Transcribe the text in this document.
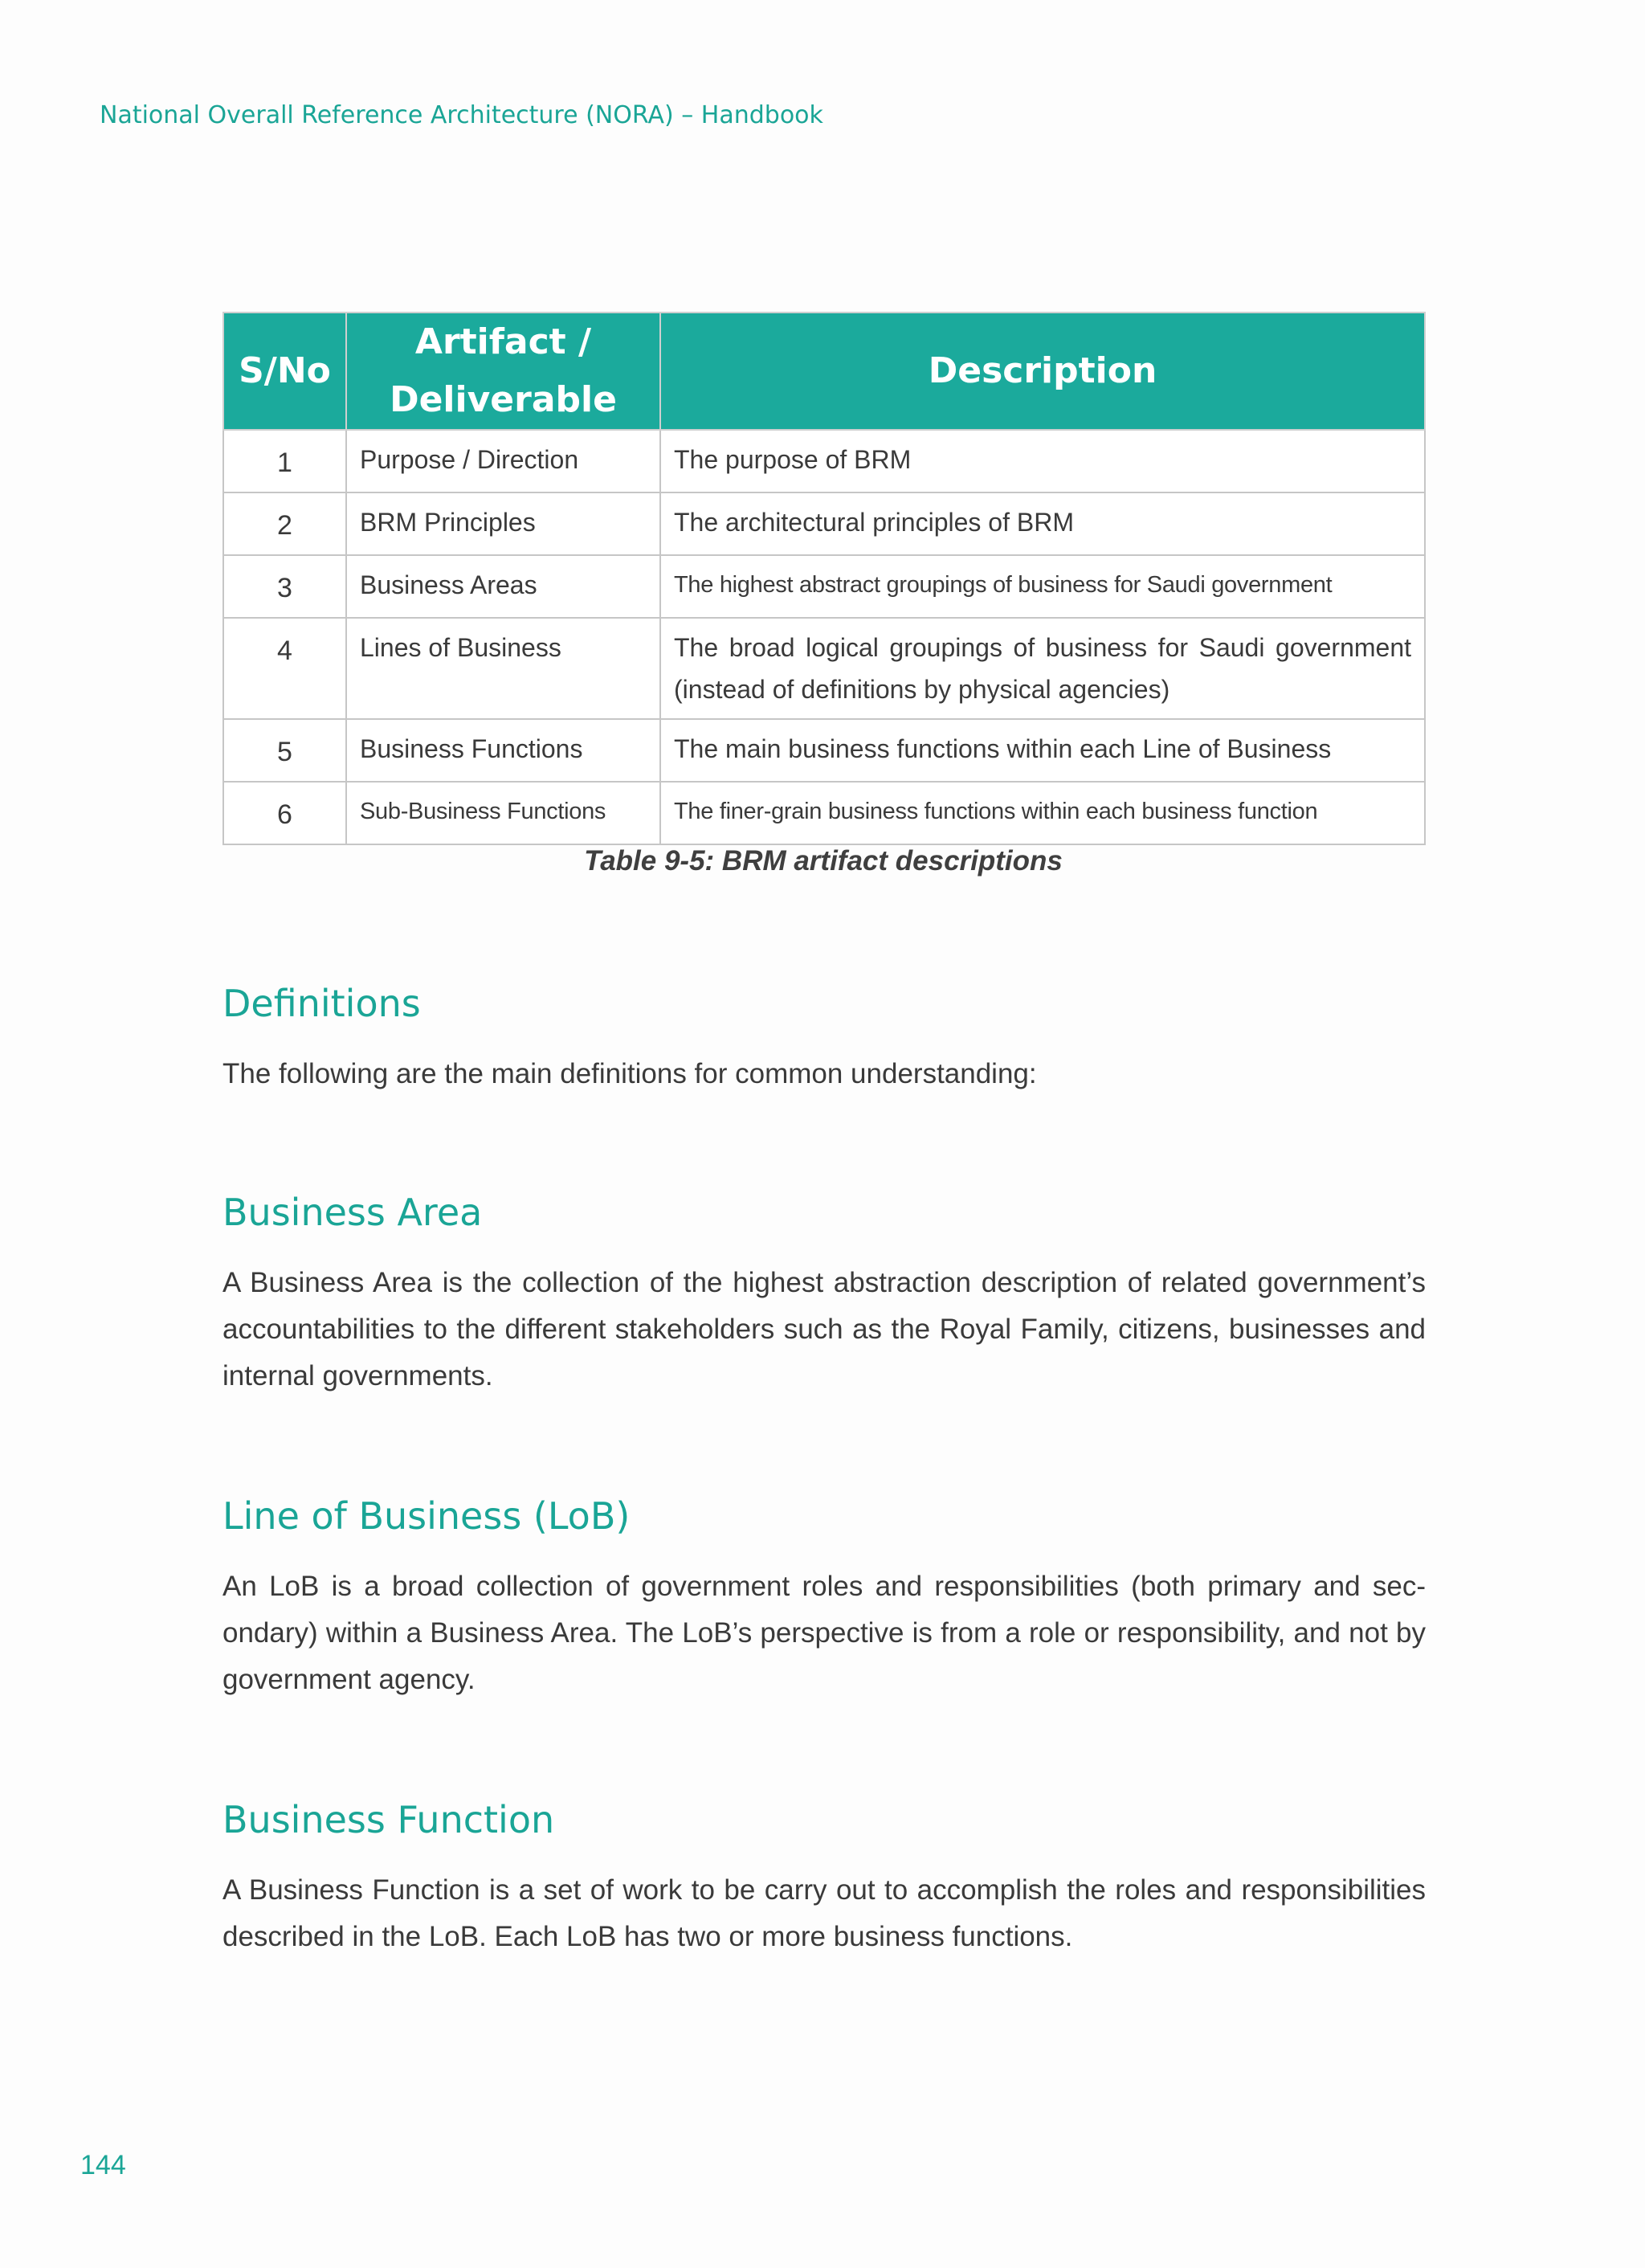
National Overall Reference Architecture (NORA) – Handbook
S/No	Artifact / Deliverable	Description
1	Purpose / Direction	The purpose of BRM
2	BRM Principles	The architectural principles of BRM
3	Business Areas	The highest abstract groupings of business for Saudi government
4	Lines of Business	The broad logical groupings of business for Saudi government (instead of definitions by physical agencies)
5	Business Functions	The main business functions within each Line of Business
6	Sub-Business Functions	The finer-grain business functions within each business function
Table 9-5: BRM artifact descriptions
Definitions

The following are the main definitions for common understanding:

Business Area

A Business Area is the collection of the highest abstraction description of related government’s accountabilities to the different stakeholders such as the Royal Family, citizens, businesses and internal governments.

Line of Business (LoB)

An LoB is a broad collection of government roles and responsibilities (both primary and sec-ondary) within a Business Area. The LoB’s perspective is from a role or responsibility, and not by government agency.

Business Function

A Business Function is a set of work to be carry out to accomplish the roles and responsibilities described in the LoB. Each LoB has two or more business functions.

144
